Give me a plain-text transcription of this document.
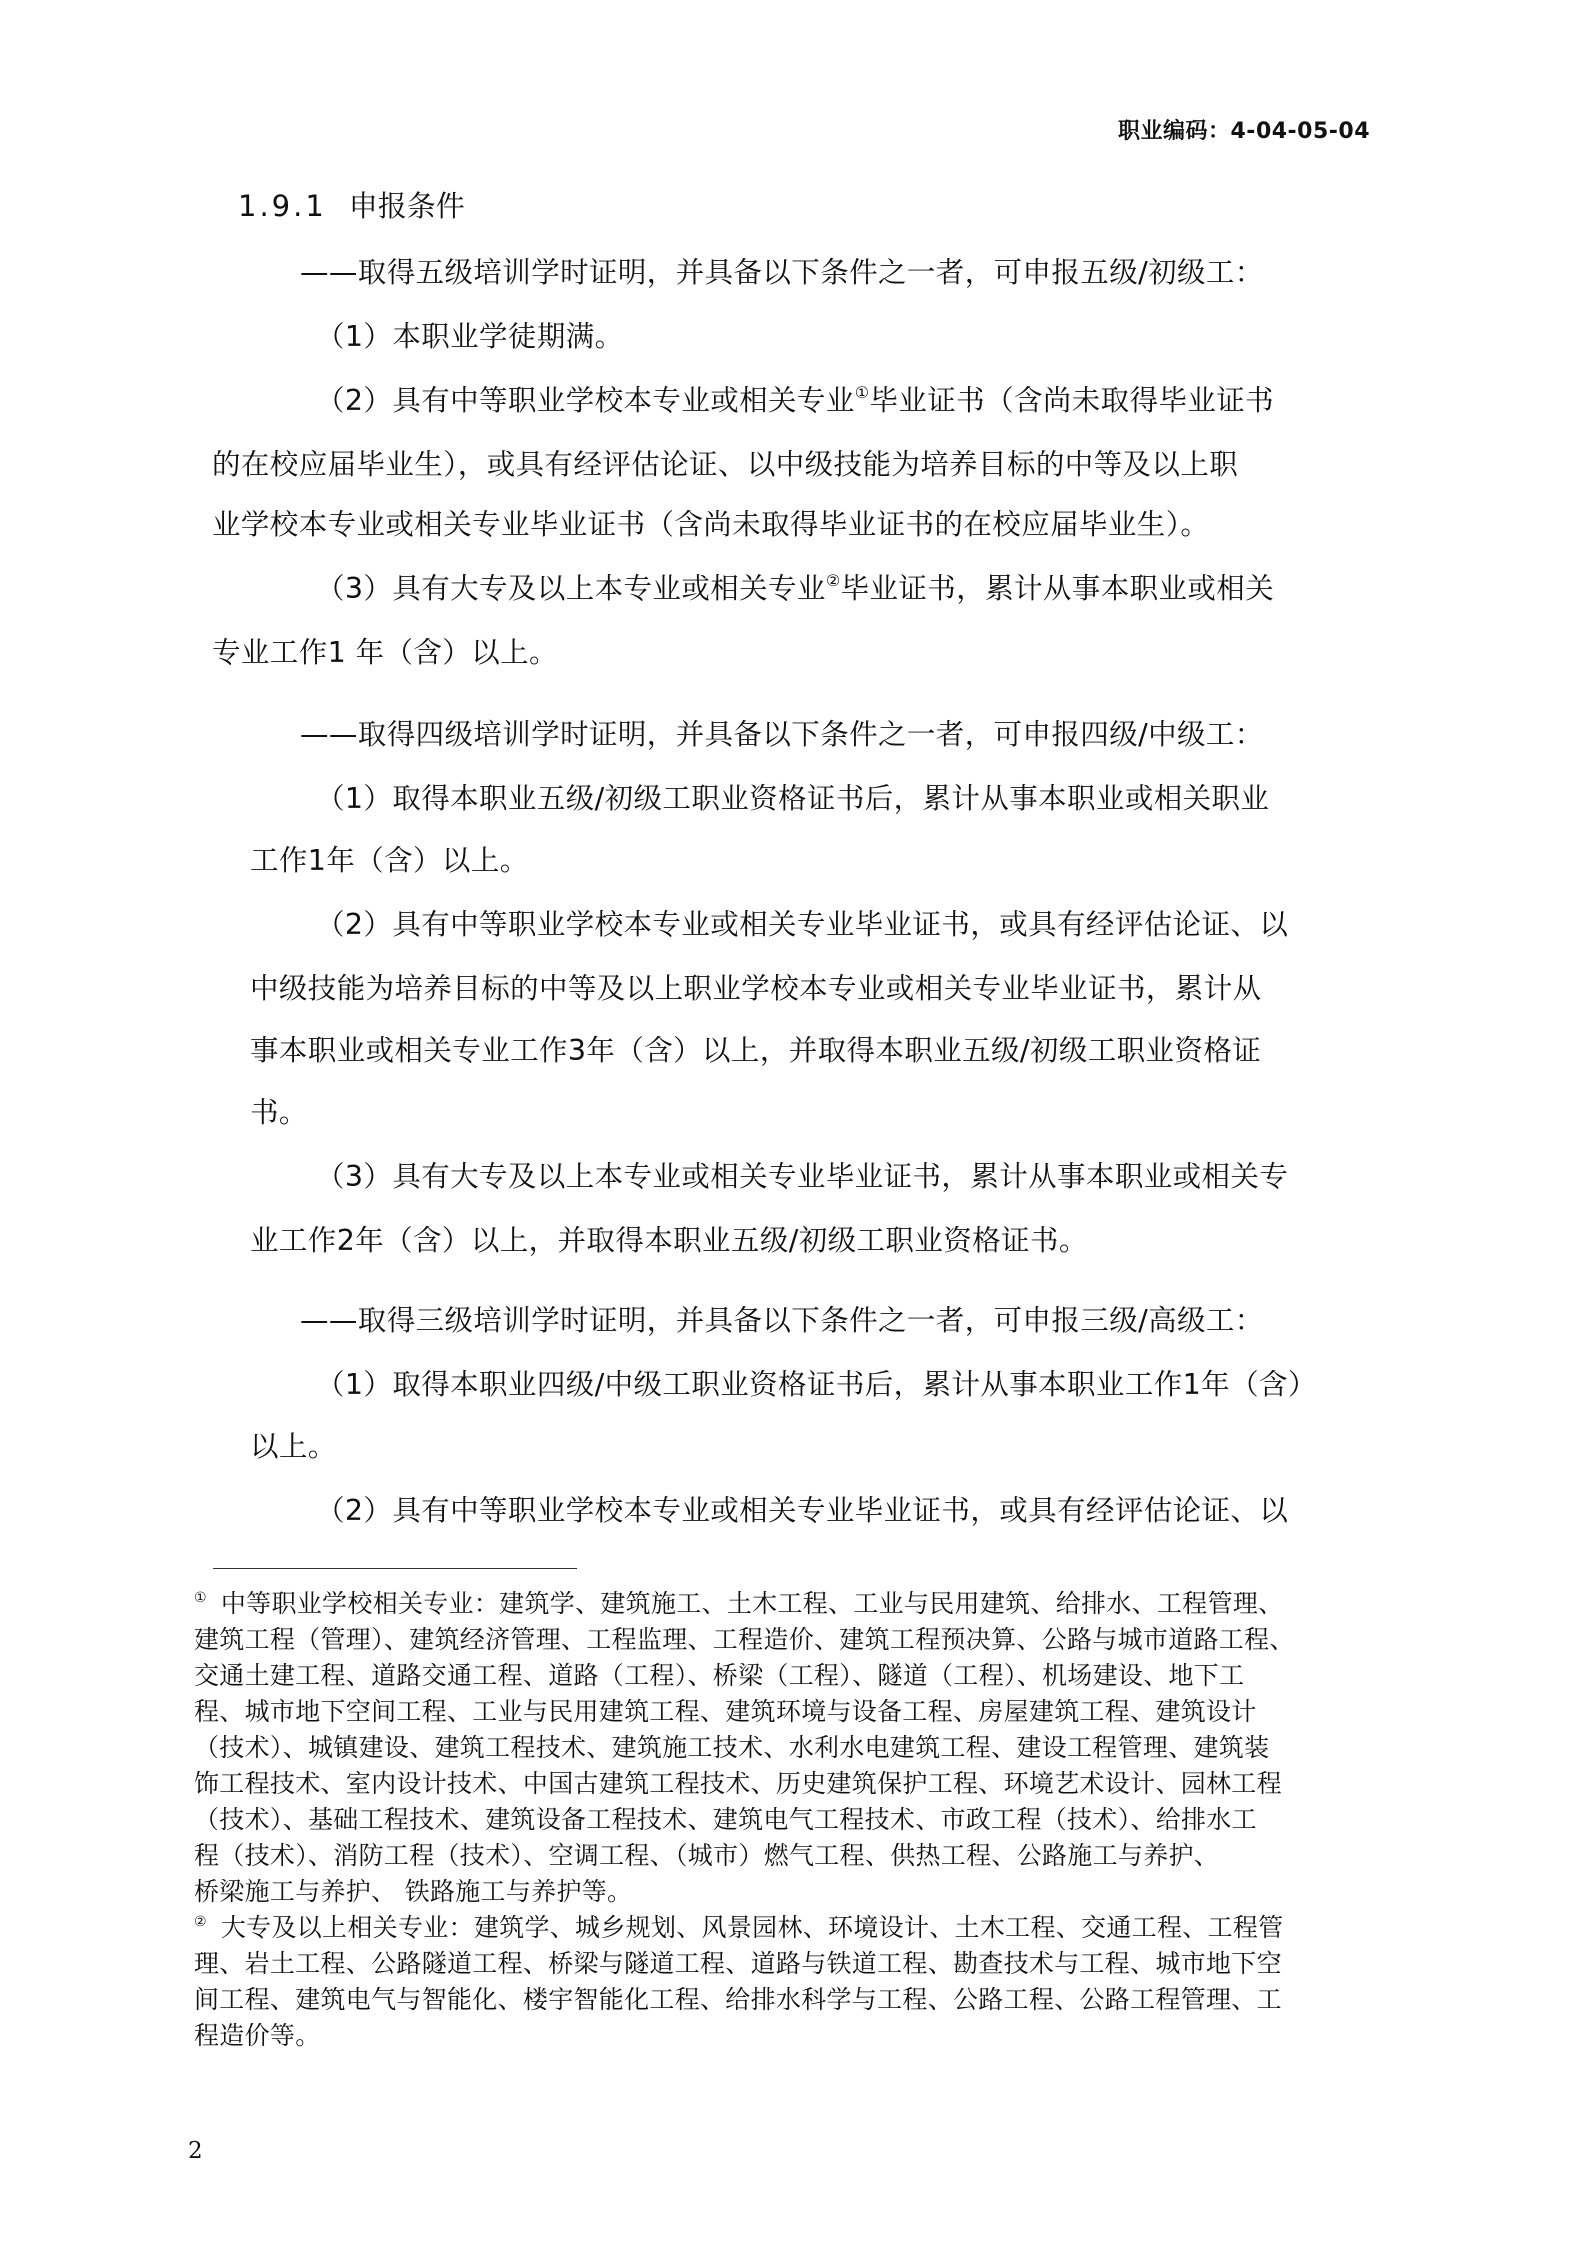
职业编码：4-04-05-04
1.9.1 申报条件
——取得五级培训学时证明，并具备以下条件之一者，可申报五级/初级工：
（1）本职业学徒期满。
（2）具有中等职业学校本专业或相关专业①毕业证书（含尚未取得毕业证书
的在校应届毕业生），或具有经评估论证、以中级技能为培养目标的中等及以上职
业学校本专业或相关专业毕业证书（含尚未取得毕业证书的在校应届毕业生）。
（3）具有大专及以上本专业或相关专业②毕业证书，累计从事本职业或相关
专业工作1 年（含）以上。
——取得四级培训学时证明，并具备以下条件之一者，可申报四级/中级工：
（1）取得本职业五级/初级工职业资格证书后，累计从事本职业或相关职业
工作1年（含）以上。
（2）具有中等职业学校本专业或相关专业毕业证书，或具有经评估论证、以
中级技能为培养目标的中等及以上职业学校本专业或相关专业毕业证书，累计从
事本职业或相关专业工作3年（含）以上，并取得本职业五级/初级工职业资格证
书。
（3）具有大专及以上本专业或相关专业毕业证书，累计从事本职业或相关专
业工作2年（含）以上，并取得本职业五级/初级工职业资格证书。
——取得三级培训学时证明，并具备以下条件之一者，可申报三级/高级工：
（1）取得本职业四级/中级工职业资格证书后，累计从事本职业工作1年（含）
以上。
（2）具有中等职业学校本专业或相关专业毕业证书，或具有经评估论证、以
① 中等职业学校相关专业：建筑学、建筑施工、土木工程、工业与民用建筑、给排水、工程管理、
建筑工程（管理）、建筑经济管理、工程监理、工程造价、建筑工程预决算、公路与城市道路工程、
交通土建工程、道路交通工程、道路（工程）、桥梁（工程）、隧道（工程）、机场建设、地下工
程、城市地下空间工程、工业与民用建筑工程、建筑环境与设备工程、房屋建筑工程、建筑设计
（技术）、城镇建设、建筑工程技术、建筑施工技术、水利水电建筑工程、建设工程管理、建筑装
饰工程技术、室内设计技术、中国古建筑工程技术、历史建筑保护工程、环境艺术设计、园林工程
（技术）、基础工程技术、建筑设备工程技术、建筑电气工程技术、市政工程（技术）、给排水工
程（技术）、消防工程（技术）、空调工程、（城市）燃气工程、供热工程、公路施工与养护、
桥梁施工与养护、 铁路施工与养护等。
② 大专及以上相关专业：建筑学、城乡规划、风景园林、环境设计、土木工程、交通工程、工程管
理、岩土工程、公路隧道工程、桥梁与隧道工程、道路与铁道工程、勘查技术与工程、城市地下空
间工程、建筑电气与智能化、楼宇智能化工程、给排水科学与工程、公路工程、公路工程管理、工
程造价等。
2
